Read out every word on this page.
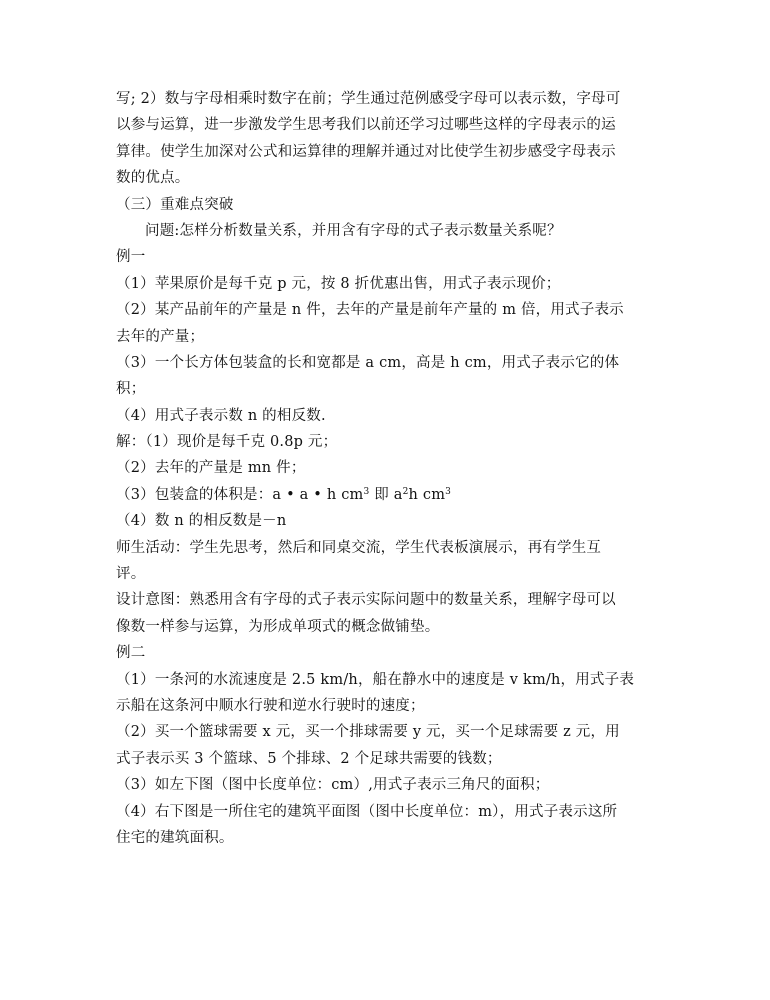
写; 2）数与字母相乘时数字在前；学生通过范例感受字母可以表示数，字母可
以参与运算，进一步激发学生思考我们以前还学习过哪些这样的字母表示的运
算律。使学生加深对公式和运算律的理解并通过对比使学生初步感受字母表示
数的优点。
（三）重难点突破
问题:怎样分析数量关系，并用含有字母的式子表示数量关系呢？
例一
（1）苹果原价是每千克 p 元，按 8 折优惠出售，用式子表示现价；
（2）某产品前年的产量是 n 件，去年的产量是前年产量的 m 倍，用式子表示
去年的产量；
（3）一个长方体包装盒的长和宽都是 a cm，高是 h cm，用式子表示它的体
积；
（4）用式子表示数 n 的相反数.
解：（1）现价是每千克 0.8p 元；
（2）去年的产量是 mn 件；
（3）包装盒的体积是：a • a • h $cm^3$ 即 $a^2h$ $cm^3$
（4）数 n 的相反数是－n
师生活动：学生先思考，然后和同桌交流，学生代表板演展示，再有学生互
评。
设计意图：熟悉用含有字母的式子表示实际问题中的数量关系，理解字母可以
像数一样参与运算，为形成单项式的概念做铺垫。
例二
（1）一条河的水流速度是 2.5 km/h，船在静水中的速度是 v km/h，用式子表
示船在这条河中顺水行驶和逆水行驶时的速度；
（2）买一个篮球需要 x 元，买一个排球需要 y 元，买一个足球需要 z 元，用
式子表示买 3 个篮球、5 个排球、2 个足球共需要的钱数；
（3）如左下图（图中长度单位：cm）,用式子表示三角尺的面积；
（4）右下图是一所住宅的建筑平面图（图中长度单位：m），用式子表示这所
住宅的建筑面积。
